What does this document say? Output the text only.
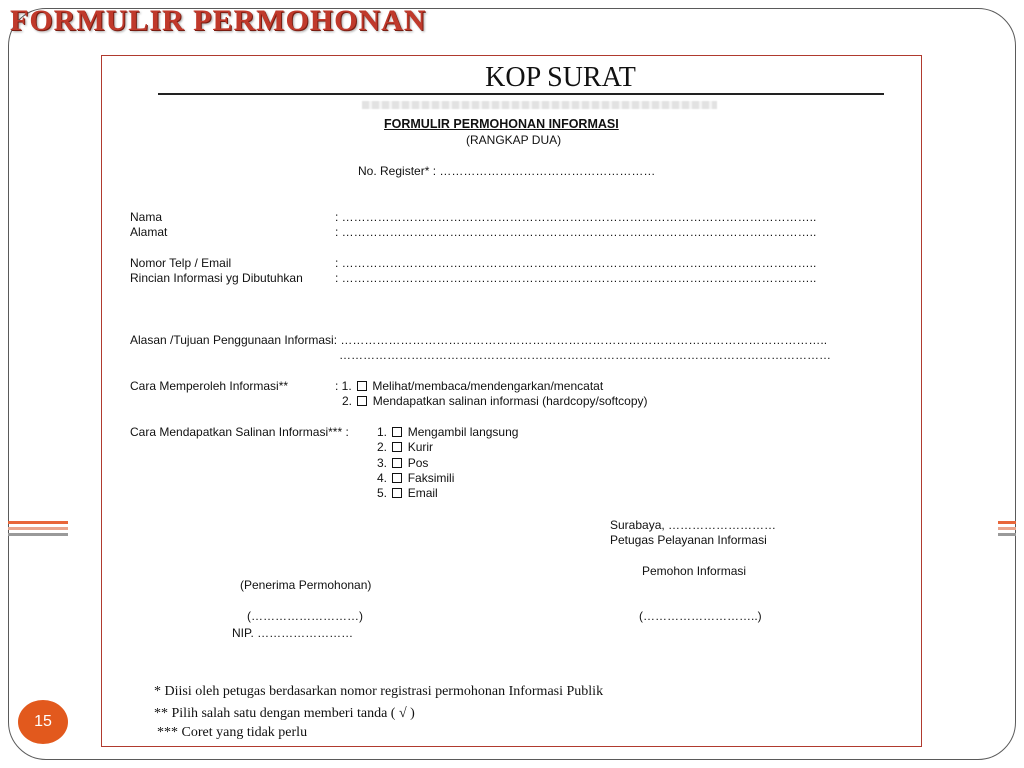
FORMULIR PERMOHONAN
15
KOP SURAT
FORMULIR PERMOHONAN INFORMASI
(RANGKAP DUA)
No. Register* : ………………………………………………
Nama	: ………………………………………………………………………………………………………..
Alamat	: ………………………………………………………………………………………………………..
Nomor Telp / Email	: ………………………………………………………………………………………………………..
Rincian Informasi yg Dibutuhkan	: ………………………………………………………………………………………………………..
Alasan /Tujuan Penggunaan Informasi: …………………………………………………………………………………………………………..
……………………………………………………………………………………………………………
Cara Memperoleh Informasi**	: 1. Melihat/membaca/mendengarkan/mencatat
2. Mendapatkan salinan informasi (hardcopy/softcopy)
Cara Mendapatkan Salinan Informasi*** : 1. Mengambil langsung
2. Kurir
3. Pos
4. Faksimili
5. Email
Surabaya, ………………………
Petugas Pelayanan Informasi
Pemohon Informasi
(Penerima Permohonan)
(………………………)	(………………………..)
NIP. ……………………
* Diisi oleh petugas berdasarkan nomor registrasi permohonan Informasi Publik
** Pilih salah satu dengan memberi tanda ( √ )
*** Coret yang tidak perlu
